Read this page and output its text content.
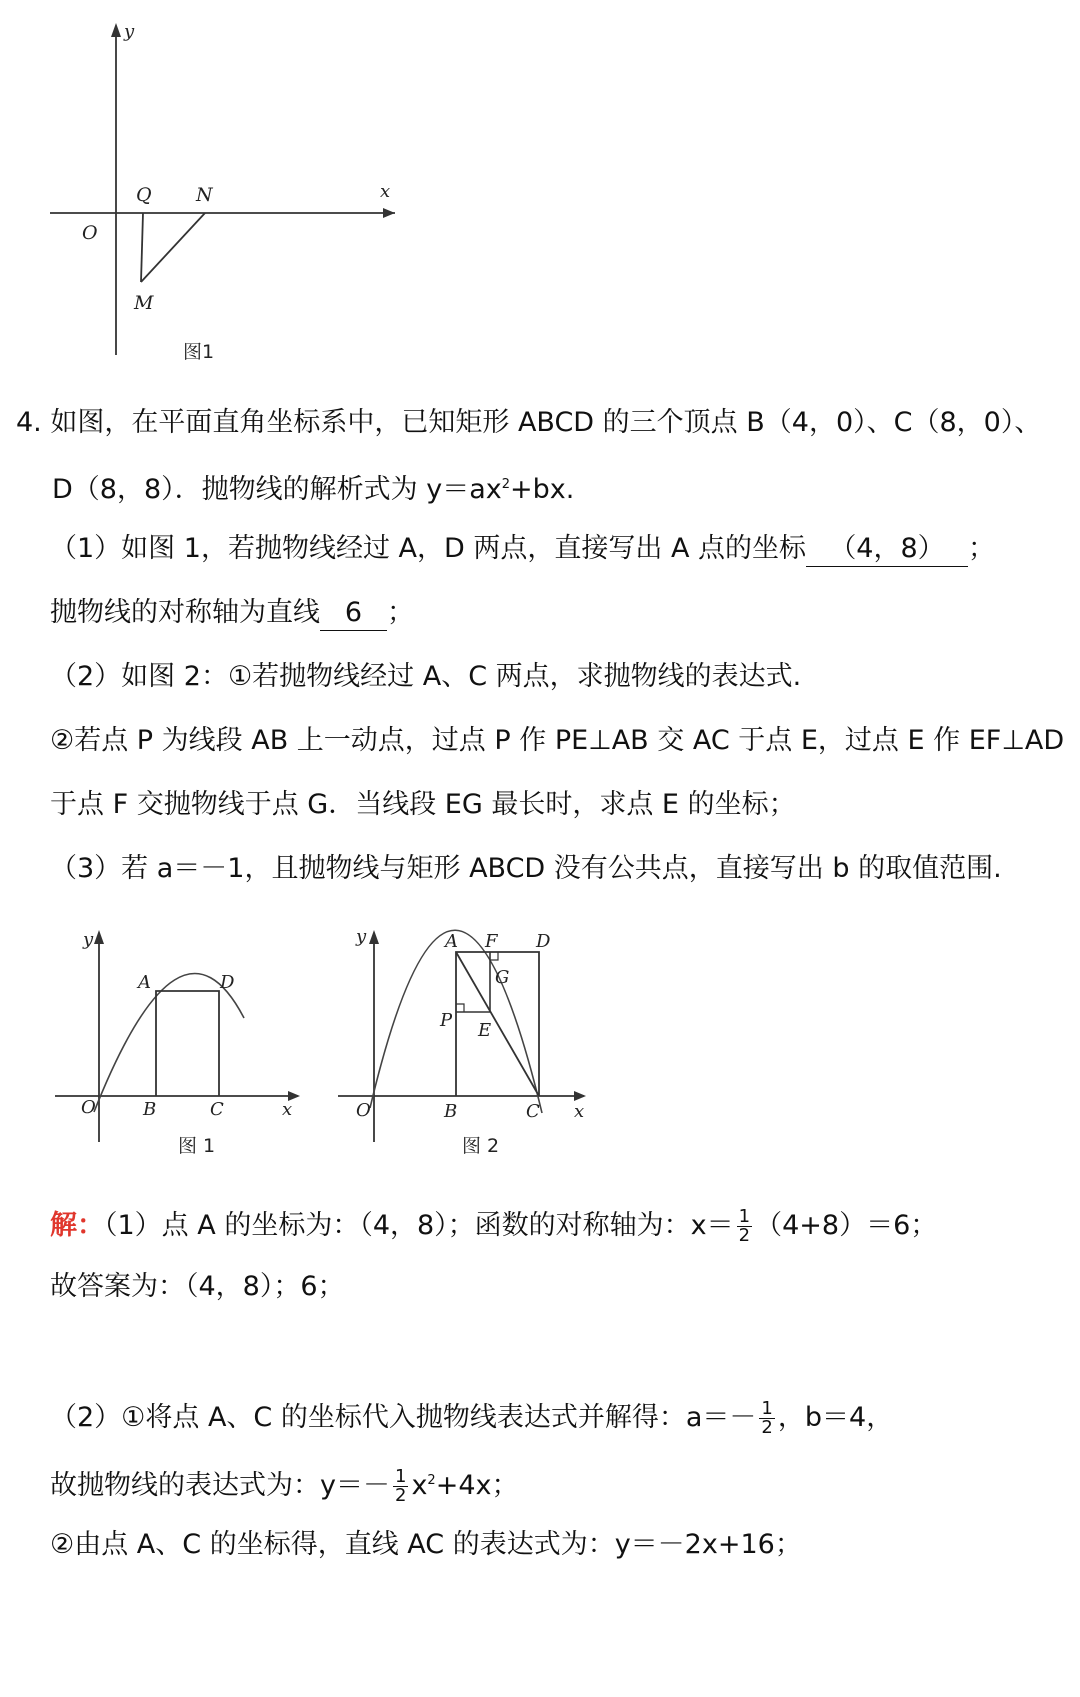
y
x
O
Q N
M
图1
4. 如图，在平面直角坐标系中，已知矩形 ABCD 的三个顶点 B（4，0）、C（8，0）、
D（8，8）．抛物线的解析式为 $y=ax^2+bx$.
（1）如图 1，若抛物线经过 A，D 两点，直接写出 A 点的坐标 （4，8） ；
抛物线的对称轴为直线 6 ；
（2）如图 2：①若抛物线经过 A、C 两点，求抛物线的表达式.
②若点 P 为线段 AB 上一动点，过点 P 作 PE⊥AB 交 AC 于点 E，过点 E 作 EF⊥AD
于点 F 交抛物线于点 G．当线段 EG 最长时，求点 E 的坐标；
（3）若 a＝－1，且抛物线与矩形 ABCD 没有公共点，直接写出 b 的取值范围.
y
A	D
O	B	C	x
图 1
y	A F D
G
P E
O	B	C x
图 2
解：（1）点 A 的坐标为：（4，8）；函数的对称轴为：$x= \frac{1}{2} (4+8)=6$；
故答案为：（4，8）；6；
（2）①将点 A、C 的坐标代入抛物线表达式并解得：$a=- \frac{1}{2}$ ，b＝4，
故抛物线的表达式为：$y=- \frac{1}{2} x^2+4x$；
②由点 A、C 的坐标得，直线 AC 的表达式为：y＝－2x+16；
